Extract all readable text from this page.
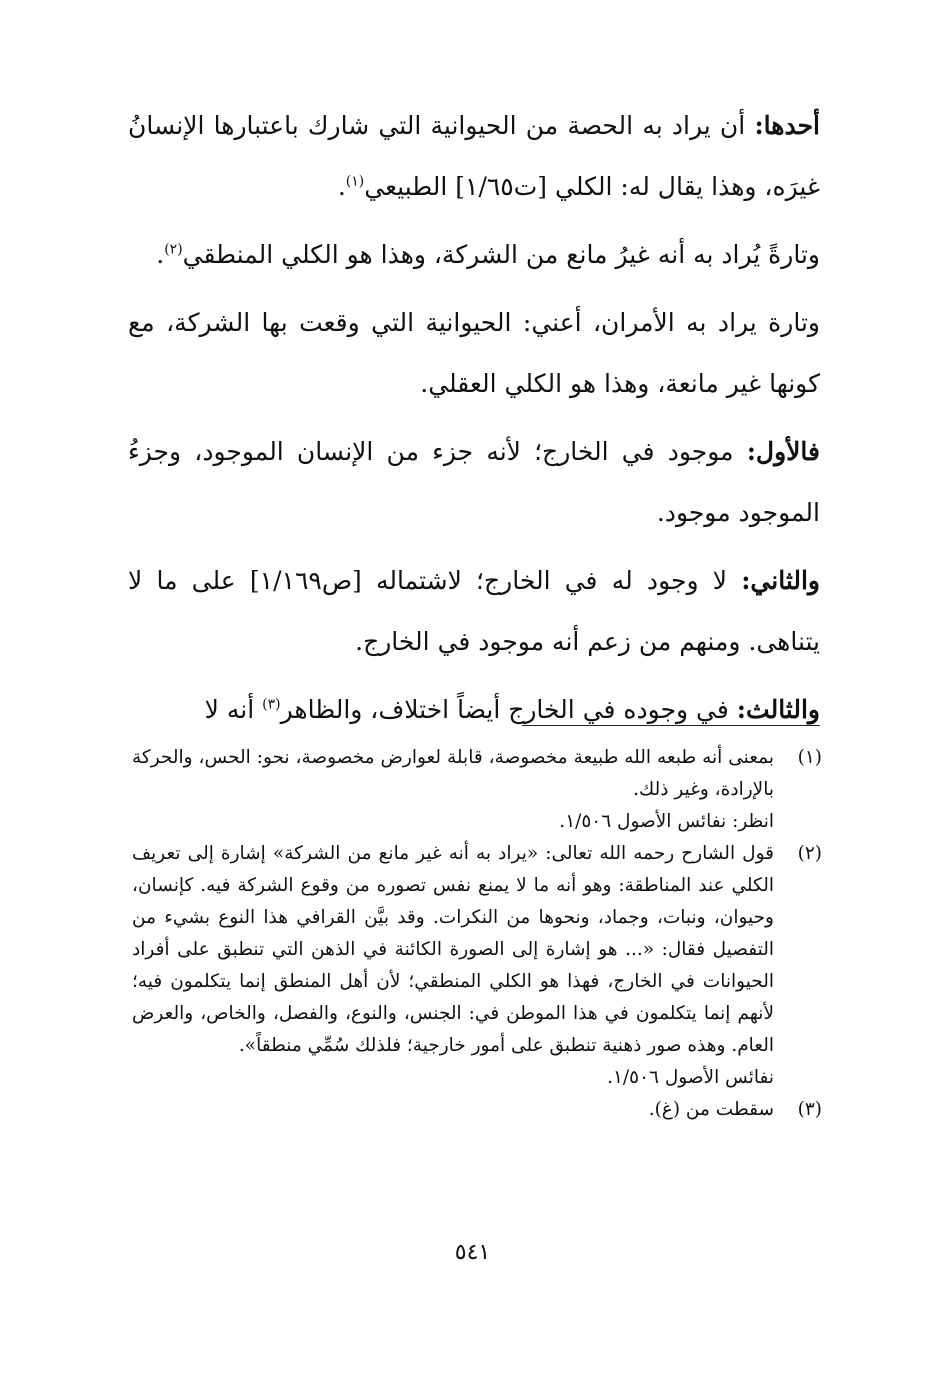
أحدها: أن يراد به الحصة من الحيوانية التي شارك باعتبارها الإنسانُ غيرَه، وهذا يقال له: الكلي [ت١/٦٥] الطبيعي$^{(١)}$.

وتارةً يُراد به أنه غيرُ مانع من الشركة، وهذا هو الكلي المنطقي$^{(٢)}$.

وتارة يراد به الأمران، أعني: الحيوانية التي وقعت بها الشركة، مع كونها غير مانعة، وهذا هو الكلي العقلي.

فالأول: موجود في الخارج؛ لأنه جزء من الإنسان الموجود، وجزءُ الموجود موجود.

والثاني: لا وجود له في الخارج؛ لاشتماله [ص١/١٦٩] على ما لا يتناهى. ومنهم من زعم أنه موجود في الخارج.

والثالث: في وجوده في الخارج أيضاً اختلاف، والظاهر$^{(٣)}$ أنه لا

(١)

بمعنى أنه طبعه الله طبيعة مخصوصة، قابلة لعوارض مخصوصة، نحو: الحس، والحركة بالإرادة، وغير ذلك.

انظر: نفائس الأصول ١/٥٠٦.

(٢)

قول الشارح رحمه الله تعالى: «يراد به أنه غير مانع من الشركة» إشارة إلى تعريف الكلي عند المناطقة: وهو أنه ما لا يمنع نفس تصوره من وقوع الشركة فيه. كإنسان، وحيوان، ونبات، وجماد، ونحوها من النكرات. وقد بيَّن القرافي هذا النوع بشيء من التفصيل فقال: «... هو إشارة إلى الصورة الكائنة في الذهن التي تنطبق على أفراد الحيوانات في الخارج، فهذا هو الكلي المنطقي؛ لأن أهل المنطق إنما يتكلمون فيه؛ لأنهم إنما يتكلمون في هذا الموطن في: الجنس، والنوع، والفصل، والخاص، والعرض العام. وهذه صور ذهنية تنطبق على أمور خارجية؛ فلذلك سُمِّي منطقاً».

نفائس الأصول ١/٥٠٦.

(٣)

سقطت من (غ).

٥٤١
